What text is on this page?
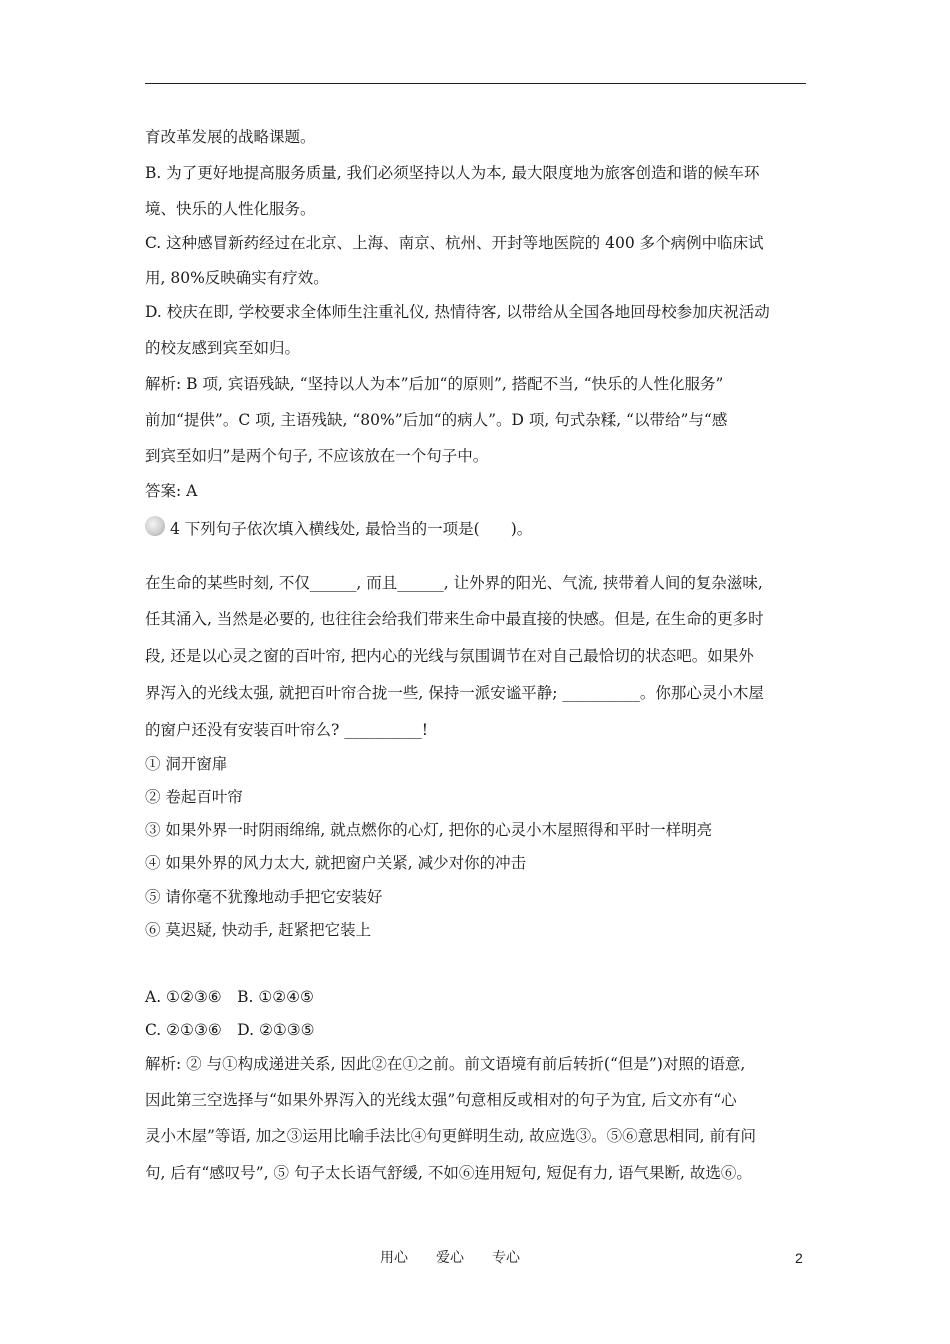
育改革发展的战略课题。
B. 为了更好地提高服务质量, 我们必须坚持以人为本, 最大限度地为旅客创造和谐的候车环
境、快乐的人性化服务。
C. 这种感冒新药经过在北京、上海、南京、杭州、开封等地医院的 400 多个病例中临床试
用, 80%反映确实有疗效。
D. 校庆在即, 学校要求全体师生注重礼仪, 热情待客, 以带给从全国各地回母校参加庆祝活动
的校友感到宾至如归。
解析: B 项, 宾语残缺, “坚持以人为本”后加“的原则”, 搭配不当, “快乐的人性化服务”
前加“提供”。C 项, 主语残缺, “80%”后加“的病人”。D 项, 句式杂糅, “以带给”与“感
到宾至如归”是两个句子, 不应该放在一个句子中。
答案: A
4 下列句子依次填入横线处, 最恰当的一项是(　　)。
在生命的某些时刻, 不仅______, 而且______, 让外界的阳光、气流, 挟带着人间的复杂滋味,
任其涌入, 当然是必要的, 也往往会给我们带来生命中最直接的快感。但是, 在生命的更多时
段, 还是以心灵之窗的百叶帘, 把内心的光线与氛围调节在对自己最恰切的状态吧。如果外
界泻入的光线太强, 就把百叶帘合拢一些, 保持一派安谧平静; __________。你那心灵小木屋
的窗户还没有安装百叶帘么? __________!
① 洞开窗扉
② 卷起百叶帘
③ 如果外界一时阴雨绵绵, 就点燃你的心灯, 把你的心灵小木屋照得和平时一样明亮
④ 如果外界的风力太大, 就把窗户关紧, 减少对你的冲击
⑤ 请你毫不犹豫地动手把它安装好
⑥ 莫迟疑, 快动手, 赶紧把它装上
A. ①②③⑥　B. ①②④⑤
C. ②①③⑥　D. ②①③⑤
解析: ② 与①构成递进关系, 因此②在①之前。前文语境有前后转折(“但是”)对照的语意,
因此第三空选择与“如果外界泻入的光线太强”句意相反或相对的句子为宜, 后文亦有“心
灵小木屋”等语, 加之③运用比喻手法比④句更鲜明生动, 故应选③。⑤⑥意思相同, 前有问
句, 后有“感叹号”, ⑤ 句子太长语气舒缓, 不如⑥连用短句, 短促有力, 语气果断, 故选⑥。
用心 爱心 专心	2
